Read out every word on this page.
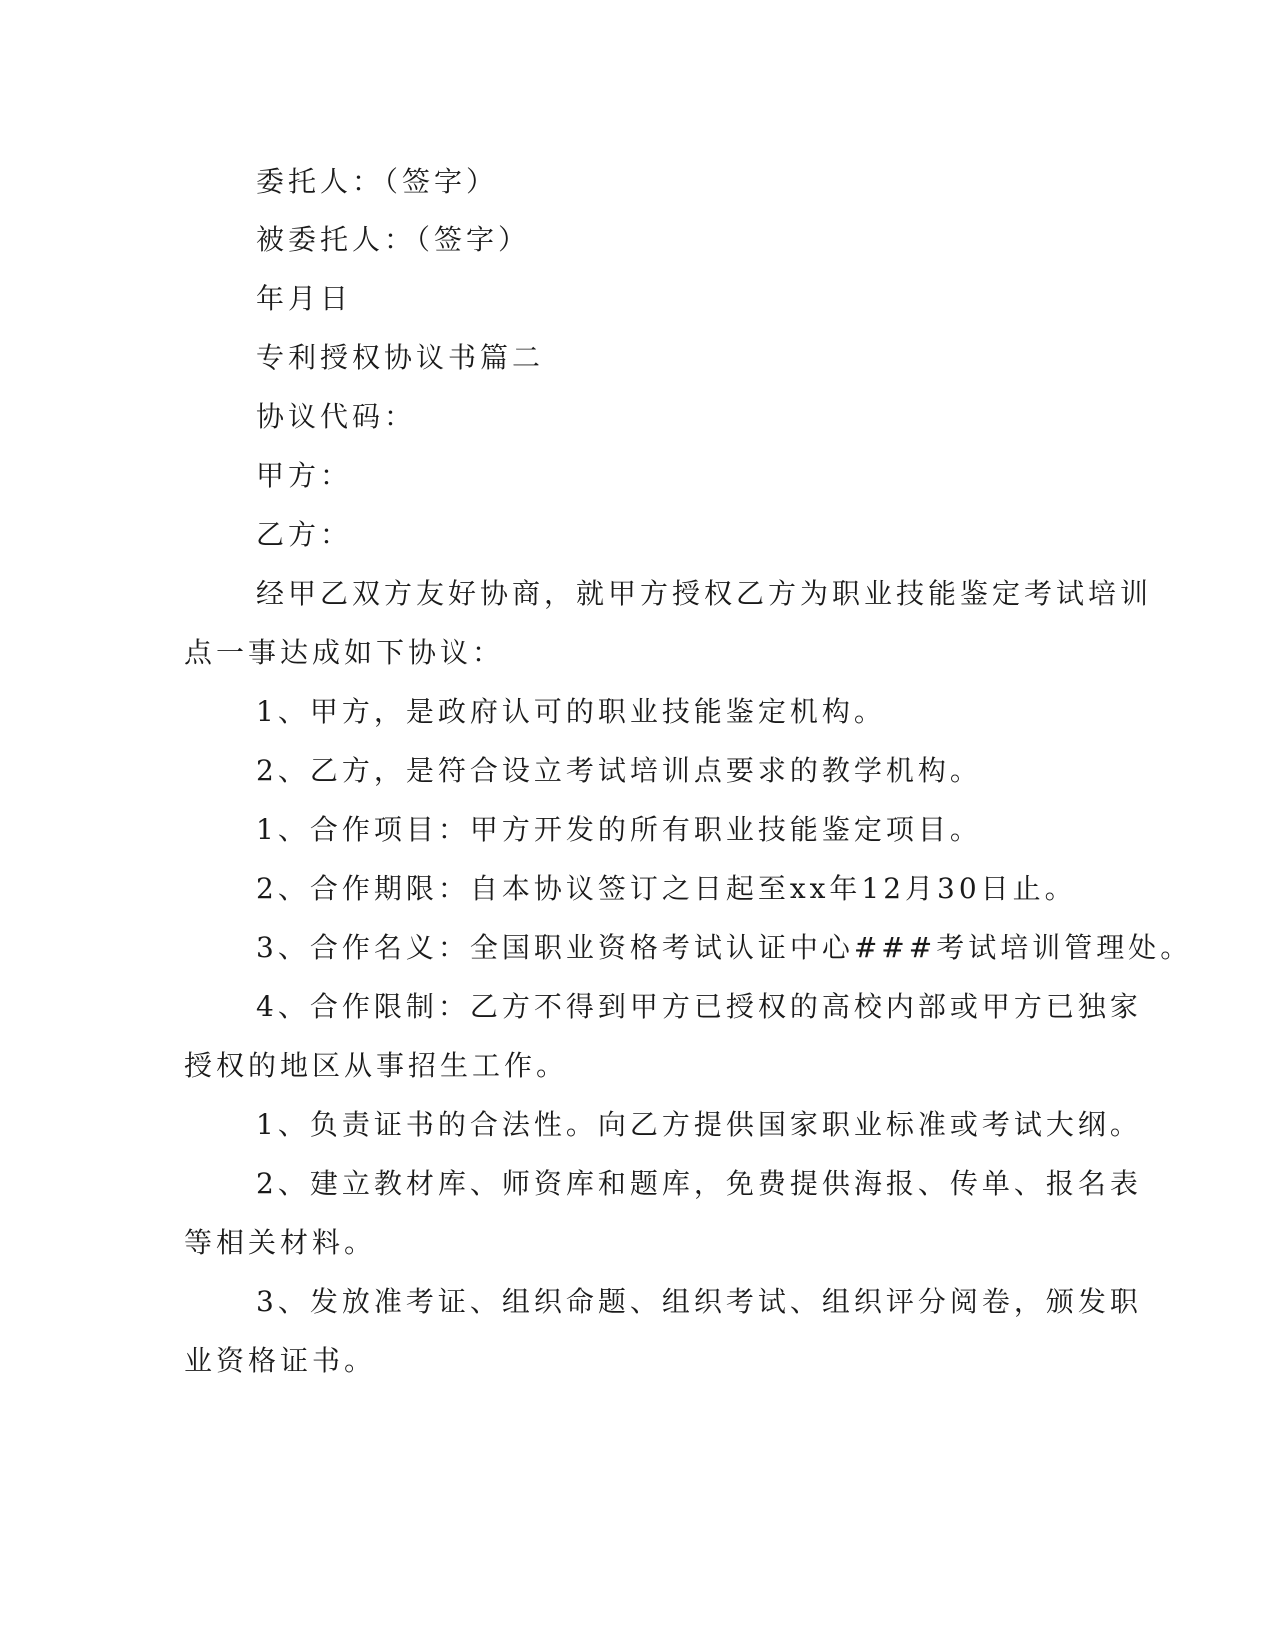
委托人：（签字）
被委托人：（签字）
年月日
专利授权协议书篇二
协议代码：
甲方：
乙方：
经甲乙双方友好协商，就甲方授权乙方为职业技能鉴定考试培训
点一事达成如下协议：
1、甲方，是政府认可的职业技能鉴定机构。
2、乙方，是符合设立考试培训点要求的教学机构。
1、合作项目：甲方开发的所有职业技能鉴定项目。
2、合作期限：自本协议签订之日起至xx年12月30日止。
3、合作名义：全国职业资格考试认证中心###考试培训管理处。
4、合作限制：乙方不得到甲方已授权的高校内部或甲方已独家
授权的地区从事招生工作。
1、负责证书的合法性。向乙方提供国家职业标准或考试大纲。
2、建立教材库、师资库和题库，免费提供海报、传单、报名表
等相关材料。
3、发放准考证、组织命题、组织考试、组织评分阅卷，颁发职
业资格证书。
